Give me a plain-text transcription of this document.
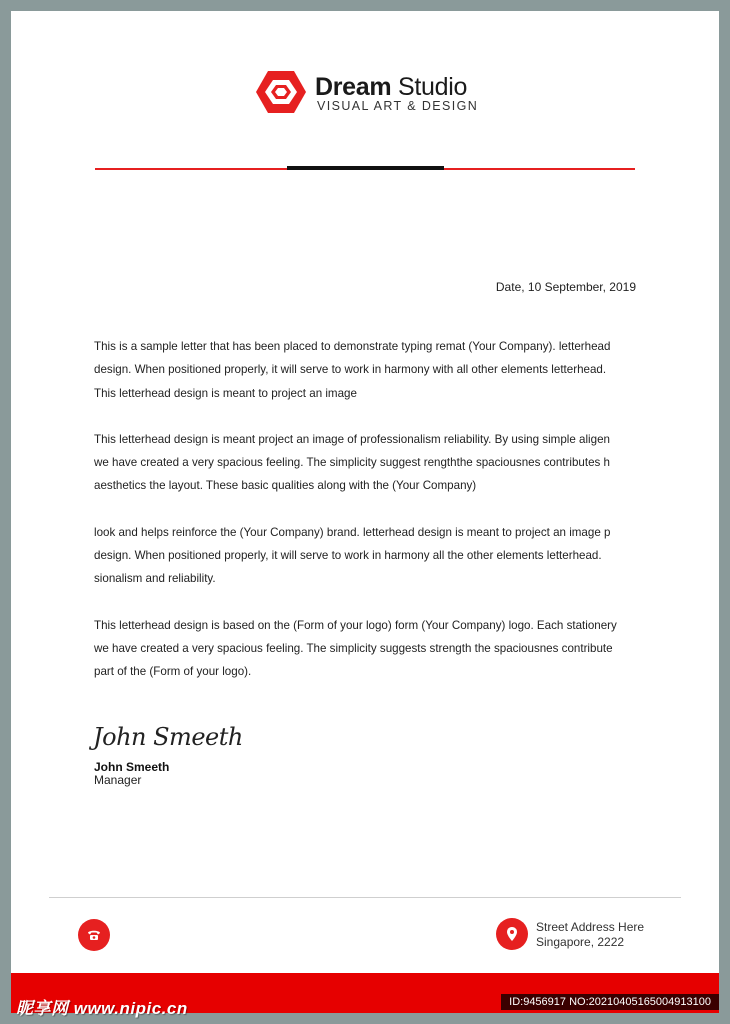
Dream Studio
VISUAL ART & DESIGN
Date, 10 September, 2019

This is a sample letter that has been placed to demonstrate typing remat (Your Company). letterhead
design. When positioned properly, it will serve to work in harmony with all other elements letterhead.
This letterhead design is meant to project an image

This letterhead design is meant project an image of professionalism reliability. By using simple aligen
we have created a very spacious feeling. The simplicity suggest rengththe spaciousnes contributes h
aesthetics the layout. These basic qualities along with the (Your Company)

look and helps reinforce the (Your Company) brand. letterhead design is meant to project an image p
design. When positioned properly, it will serve to work in harmony all the other elements letterhead.
sionalism and reliability.

This letterhead design is based on the (Form of your logo) form (Your Company) logo. Each stationery
we have created a very spacious feeling. The simplicity suggests strength the spaciousnes contribute
part of the (Form of your logo).

John Smeeth
John Smeeth
Manager
Street Address Here
Singapore, 2222
昵享网 www.nipic.cn	ID:9456917 NO:20210405165004913100
